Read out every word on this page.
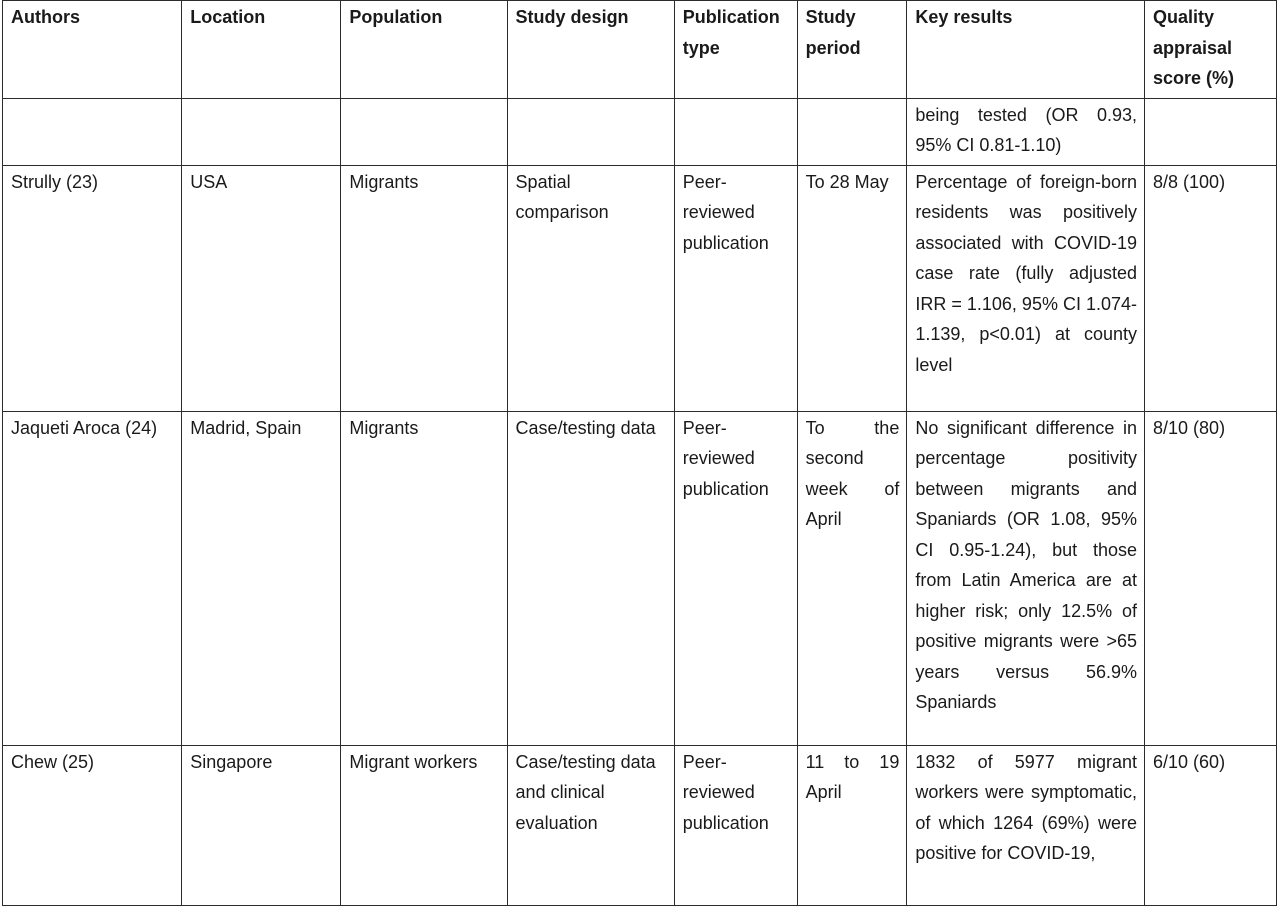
Authors	Location	Population	Study design	Publication type	Study period	Key results	Quality appraisal score (%)
						being tested (OR 0.93, 95% CI 0.81-1.10)	
Strully (23)	USA	Migrants	Spatial comparison	Peer-reviewed publication	To 28 May	Percentage of foreign-born residents was positively associated with COVID-19 case rate (fully adjusted IRR = 1.106, 95% CI 1.074-1.139, p<0.01) at county level	8/8 (100)
Jaqueti Aroca (24)	Madrid, Spain	Migrants	Case/testing data	Peer-reviewed publication	To the second week of April	No significant difference in percentage positivity between migrants and Spaniards (OR 1.08, 95% CI 0.95-1.24), but those from Latin America are at higher risk; only 12.5% of positive migrants were >65 years versus 56.9% Spaniards	8/10 (80)
Chew (25)	Singapore	Migrant workers	Case/testing data and clinical evaluation	Peer-reviewed publication	11 to 19 April	1832 of 5977 migrant workers were symptomatic, of which 1264 (69%) were positive for COVID-19,	6/10 (60)
